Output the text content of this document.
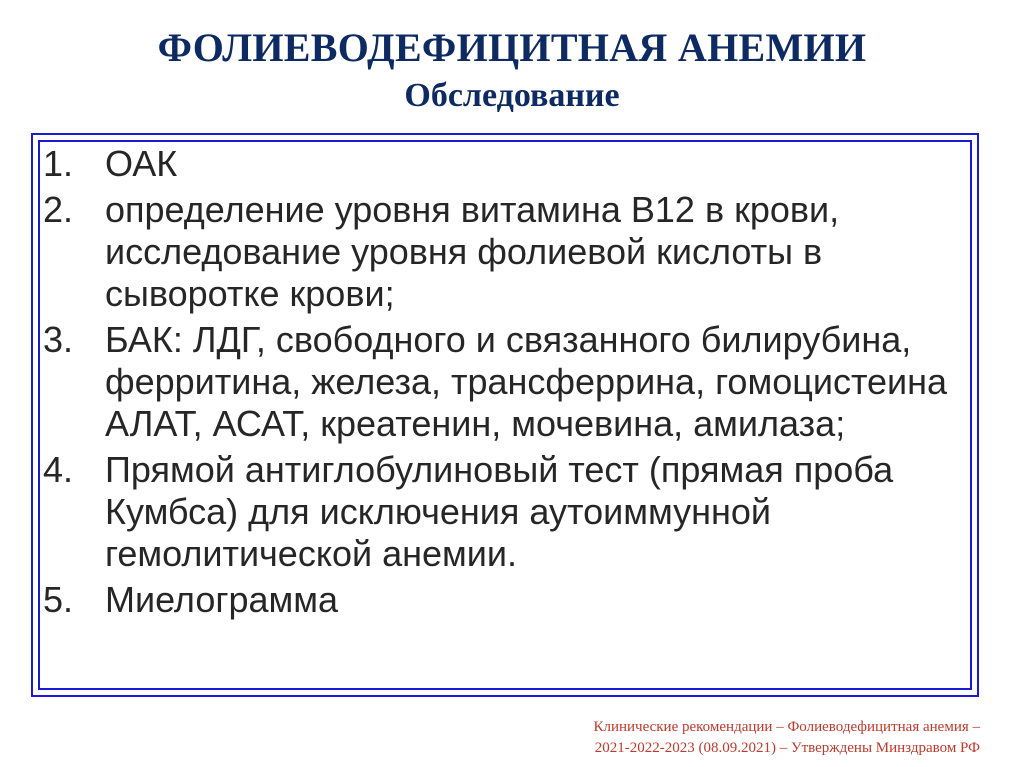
ФОЛИЕВОДЕФИЦИТНАЯ АНЕМИИ
Обследование
1. ОАК
2. определение уровня витамина В12 в крови, исследование уровня фолиевой кислоты в сыворотке крови;
3. БАК: ЛДГ, свободного и связанного билирубина, ферритина, железа, трансферрина, гомоцистеина АЛАТ, АСАТ, креатенин, мочевина, амилаза;
4. Прямой антиглобулиновый тест (прямая проба Кумбса) для исключения аутоиммунной гемолитической анемии.
5. Миелограмма
Клинические рекомендации – Фолиеводефицитная анемия –
2021-2022-2023 (08.09.2021) – Утверждены Минздравом РФ
